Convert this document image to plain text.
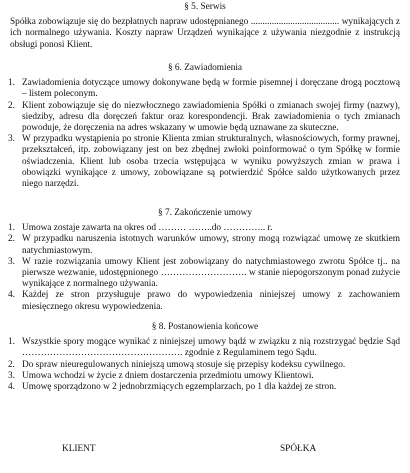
§ 5. Serwis
Spółka zobowiązuje się do bezpłatnych napraw udostępnianego ...................................... wynikających z ich normalnego używania. Koszty napraw Urządzeń wynikające z używania niezgodnie z instrukcją obsługi ponosi Klient.
§ 6. Zawiadomienia
1. Zawiadomienia dotyczące umowy dokonywane będą w formie pisemnej i doręczane drogą pocztową – listem poleconym.
2. Klient zobowiązuje się do niezwłocznego zawiadomienia Spółki o zmianach swojej firmy (nazwy), siedziby, adresu dla doręczeń faktur oraz korespondencji. Brak zawiadomienia o tych zmianach powoduje, że doręczenia na adres wskazany w umowie będą uznawane za skuteczne.
3. W przypadku wystąpienia po stronie Klienta zmian strukturalnych, własnościowych, formy prawnej, przekształceń, itp. zobowiązany jest on bez zbędnej zwłoki poinformować o tym Spółkę w formie oświadczenia. Klient lub osoba trzecia wstępująca w wyniku powyższych zmian w prawa i obowiązki wynikające z umowy, zobowiązane są potwierdzić Spółce saldo użytkowanych przez niego narzędzi.
§ 7. Zakończenie umowy
1. Umowa zostaje zawarta na okres od ……… ……..do ………….. r.
2. W przypadku naruszenia istotnych warunków umowy, strony mogą rozwiązać umowę ze skutkiem natychmiastowym.
3. W razie rozwiązania umowy Klient jest zobowiązany do natychmiastowego zwrotu Spółce tj.. na pierwsze wezwanie, udostępnionego ………………………. w stanie niepogorszonym ponad zużycie wynikające z normalnego używania.
4. Każdej ze stron przysługuje prawo do wypowiedzenia niniejszej umowy z zachowaniem miesięcznego okresu wypowiedzenia.
§ 8. Postanowienia końcowe
1. Wszystkie spory mogące wynikać z niniejszej umowy bądź w związku z nią rozstrzygać będzie Sąd ……………………………………………. zgodnie z Regulaminem tego Sądu.
2. Do spraw nieuregulowanych niniejszą umową stosuje się przepisy kodeksu cywilnego.
3. Umowa wchodzi w życie z dniem dostarczenia przedmiotu umowy Klientowi.
4. Umowę sporządzono w 2 jednobrzmiących egzemplarzach, po 1 dla każdej ze stron.
KLIENT	SPÓŁKA
